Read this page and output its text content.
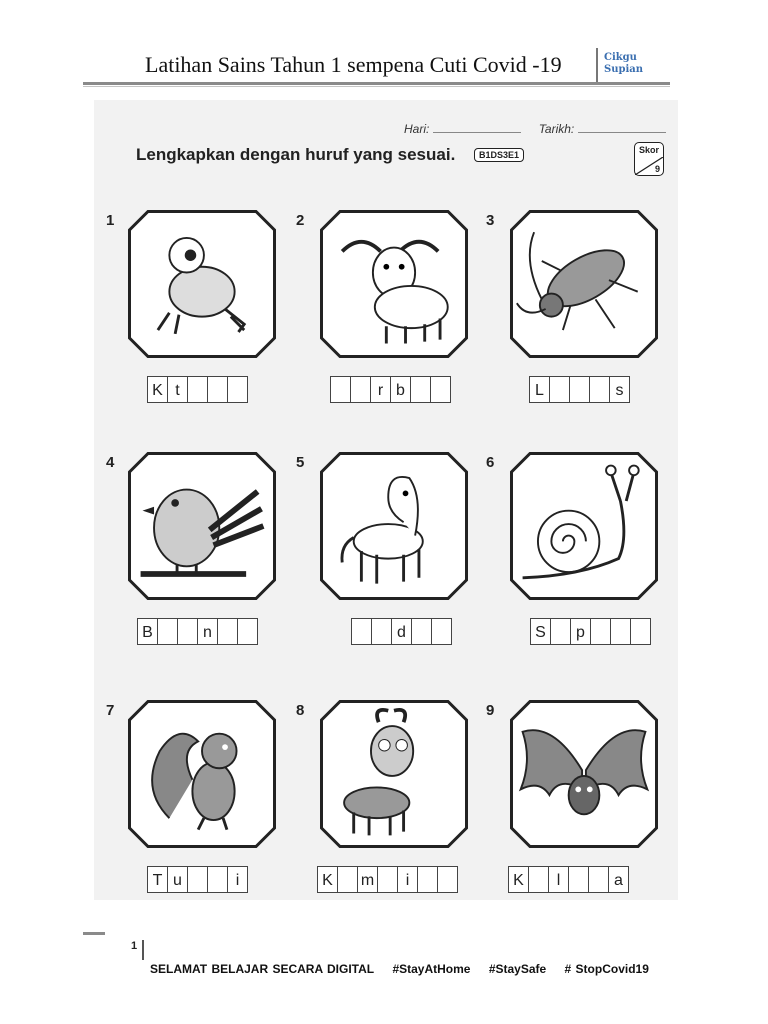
Latihan Sains Tahun 1 sempena Cuti Covid -19	Cikgu
Supian
Hari:	Tarikh:
Lengkapkan dengan huruf yang sesuai.	B1DS3E1	Skor
9
1
K t
2
r b
3
L	s
4
B	n
5
d
6
S	p
7
T u	i
8
K	m	i
9
K	l	a
1
SELAMAT BELAJAR SECARA DIGITAL #StayAtHome #StaySafe # StopCovid19
